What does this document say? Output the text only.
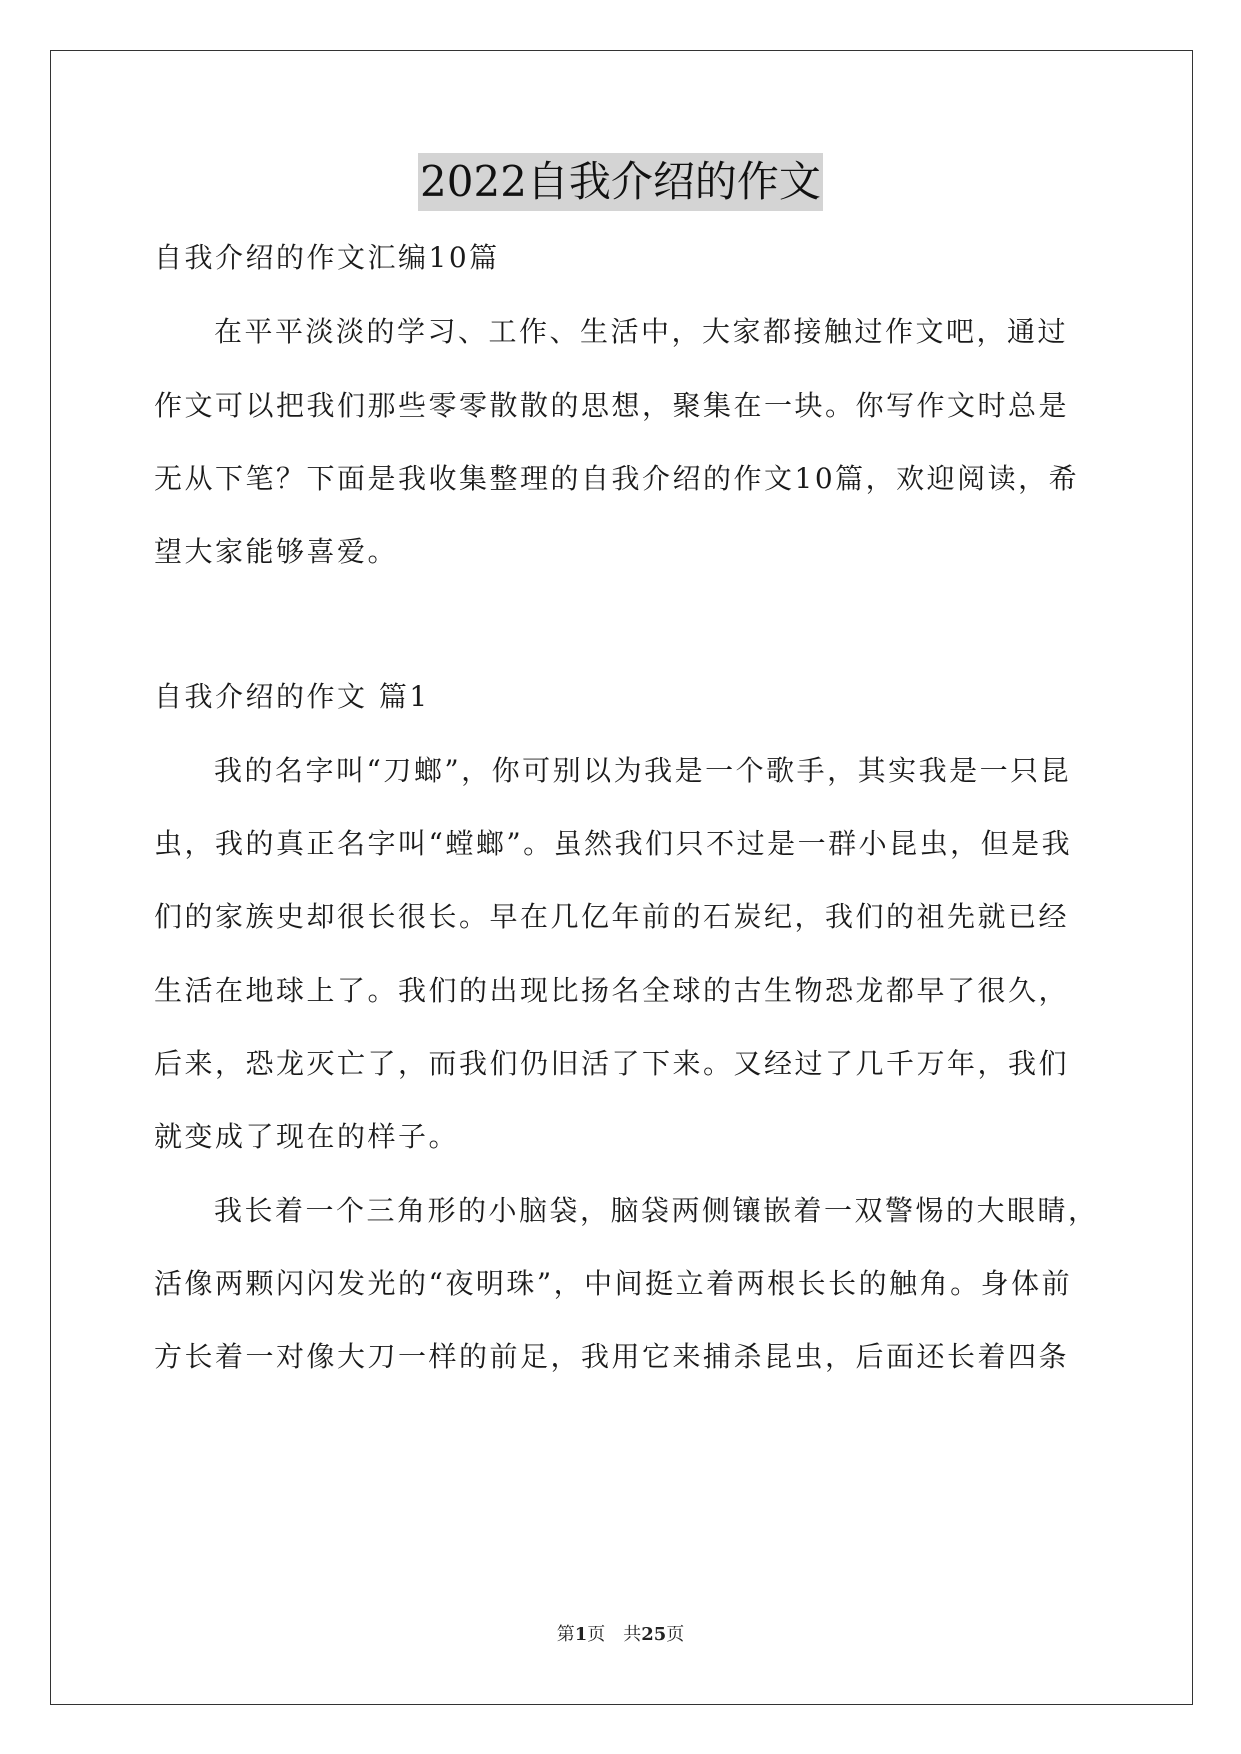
2022自我介绍的作文
自我介绍的作文汇编10篇
在平平淡淡的学习、工作、生活中，大家都接触过作文吧，通过
作文可以把我们那些零零散散的思想，聚集在一块。你写作文时总是
无从下笔？下面是我收集整理的自我介绍的作文10篇，欢迎阅读，希
望大家能够喜爱。
自我介绍的作文 篇1
我的名字叫“刀螂”，你可别以为我是一个歌手，其实我是一只昆
虫，我的真正名字叫“螳螂”。虽然我们只不过是一群小昆虫，但是我
们的家族史却很长很长。早在几亿年前的石炭纪，我们的祖先就已经
生活在地球上了。我们的出现比扬名全球的古生物恐龙都早了很久，
后来，恐龙灭亡了，而我们仍旧活了下来。又经过了几千万年，我们
就变成了现在的样子。
我长着一个三角形的小脑袋，脑袋两侧镶嵌着一双警惕的大眼睛，
活像两颗闪闪发光的“夜明珠”，中间挺立着两根长长的触角。身体前
方长着一对像大刀一样的前足，我用它来捕杀昆虫，后面还长着四条
第1页　共25页
